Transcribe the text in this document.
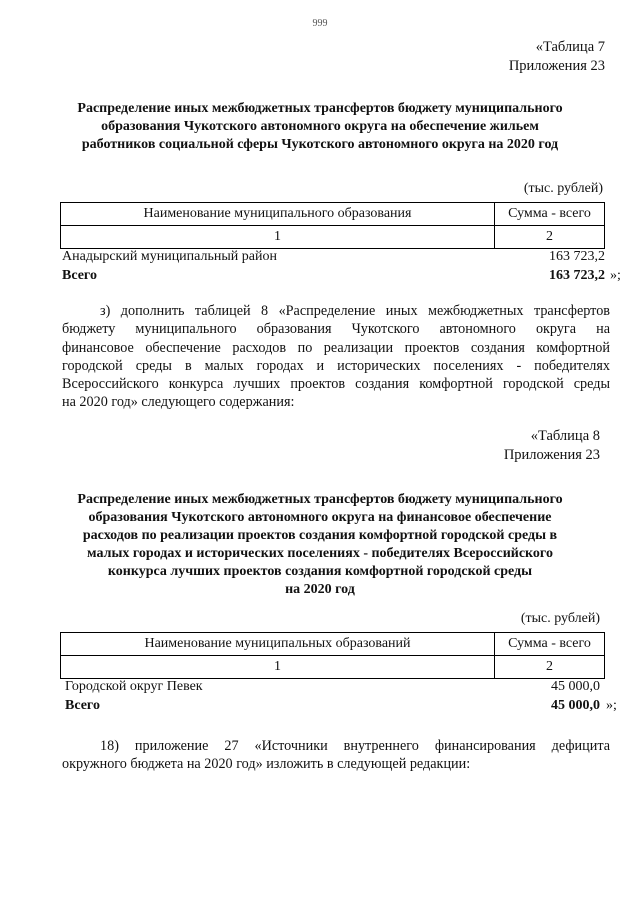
999
«Таблица 7
Приложения 23
Распределение иных межбюджетных трансфертов бюджету муниципального
образования Чукотского автономного округа на обеспечение жильем
работников социальной сферы Чукотского автономного округа на 2020 год
(тыс. рублей)
Наименование муниципального образования	Сумма - всего
1	2
Анадырский муниципальный район	163 723,2
Всего	163 723,2 »;
з) дополнить таблицей 8 «Распределение иных межбюджетных трансфертов
бюджету муниципального образования Чукотского автономного округа на
финансовое обеспечение расходов по реализации проектов создания комфортной
городской среды в малых городах и исторических поселениях - победителях
Всероссийского конкурса лучших проектов создания комфортной городской среды
на 2020 год» следующего содержания:
«Таблица 8
Приложения 23
Распределение иных межбюджетных трансфертов бюджету муниципального
образования Чукотского автономного округа на финансовое обеспечение
расходов по реализации проектов создания комфортной городской среды в
малых городах и исторических поселениях - победителях Всероссийского
конкурса лучших проектов создания комфортной городской среды
на 2020 год
(тыс. рублей)
Наименование муниципальных образований	Сумма - всего
1	2
Городской округ Певек	45 000,0
Всего	45 000,0 »;
18) приложение 27 «Источники внутреннего финансирования дефицита
окружного бюджета на 2020 год» изложить в следующей редакции:
